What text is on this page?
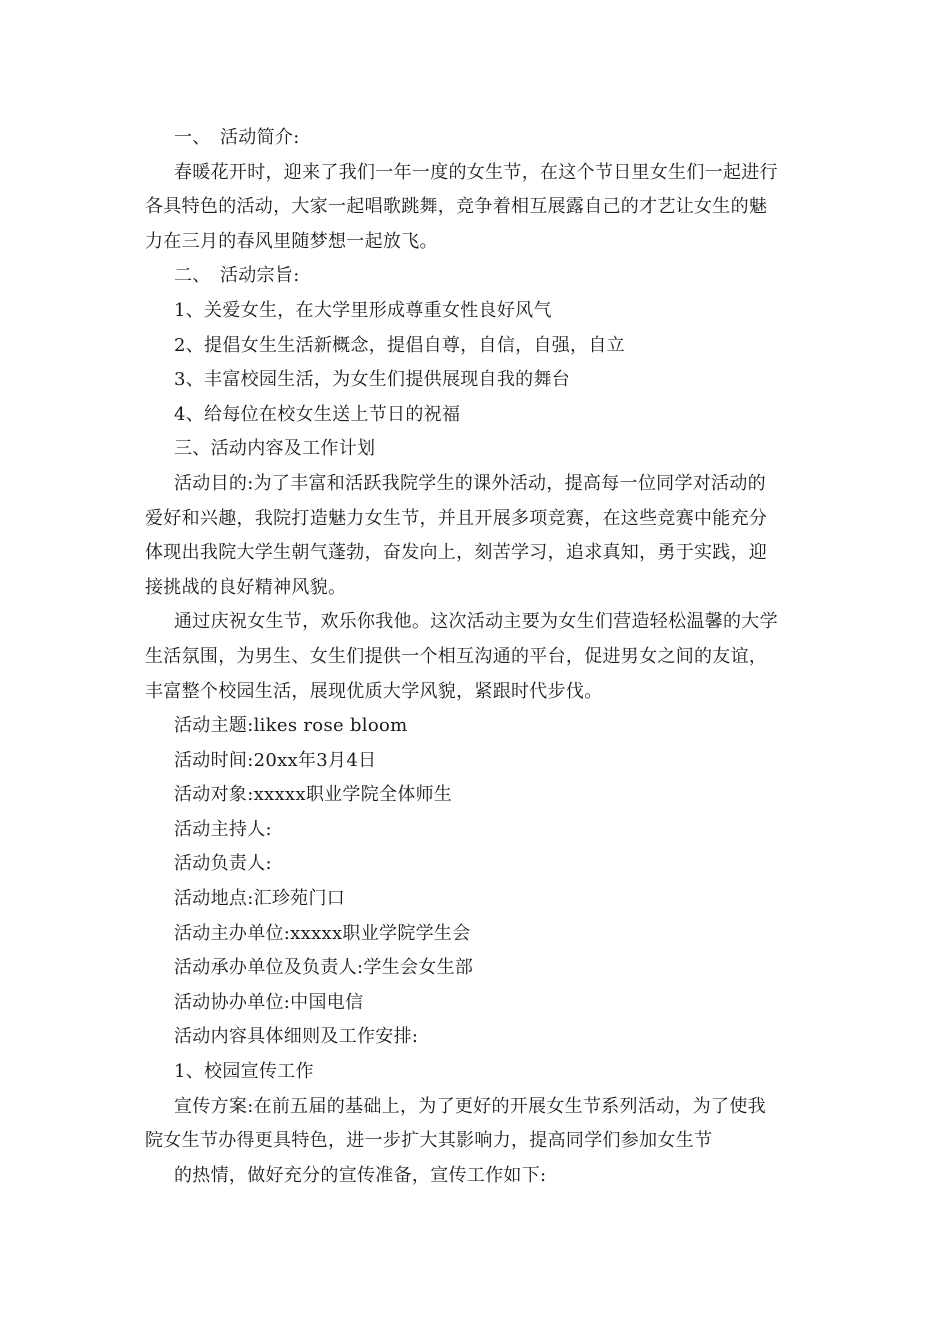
一、 活动简介:
春暖花开时，迎来了我们一年一度的女生节，在这个节日里女生们一起进行
各具特色的活动，大家一起唱歌跳舞，竞争着相互展露自己的才艺让女生的魅
力在三月的春风里随梦想一起放飞。
二、 活动宗旨:
1、关爱女生，在大学里形成尊重女性良好风气
2、提倡女生生活新概念，提倡自尊，自信，自强，自立
3、丰富校园生活，为女生们提供展现自我的舞台
4、给每位在校女生送上节日的祝福
三、活动内容及工作计划
活动目的:为了丰富和活跃我院学生的课外活动，提高每一位同学对活动的
爱好和兴趣，我院打造魅力女生节，并且开展多项竞赛，在这些竞赛中能充分
体现出我院大学生朝气蓬勃，奋发向上，刻苦学习，追求真知，勇于实践，迎
接挑战的良好精神风貌。
通过庆祝女生节，欢乐你我他。这次活动主要为女生们营造轻松温馨的大学
生活氛围，为男生、女生们提供一个相互沟通的平台，促进男女之间的友谊，
丰富整个校园生活，展现优质大学风貌，紧跟时代步伐。
活动主题:likes rose bloom
活动时间:20xx年3月4日
活动对象:xxxxx职业学院全体师生
活动主持人:
活动负责人:
活动地点:汇珍苑门口
活动主办单位:xxxxx职业学院学生会
活动承办单位及负责人:学生会女生部
活动协办单位:中国电信
活动内容具体细则及工作安排:
1、校园宣传工作
宣传方案:在前五届的基础上，为了更好的开展女生节系列活动，为了使我
院女生节办得更具特色，进一步扩大其影响力，提高同学们参加女生节
的热情，做好充分的宣传准备，宣传工作如下:
